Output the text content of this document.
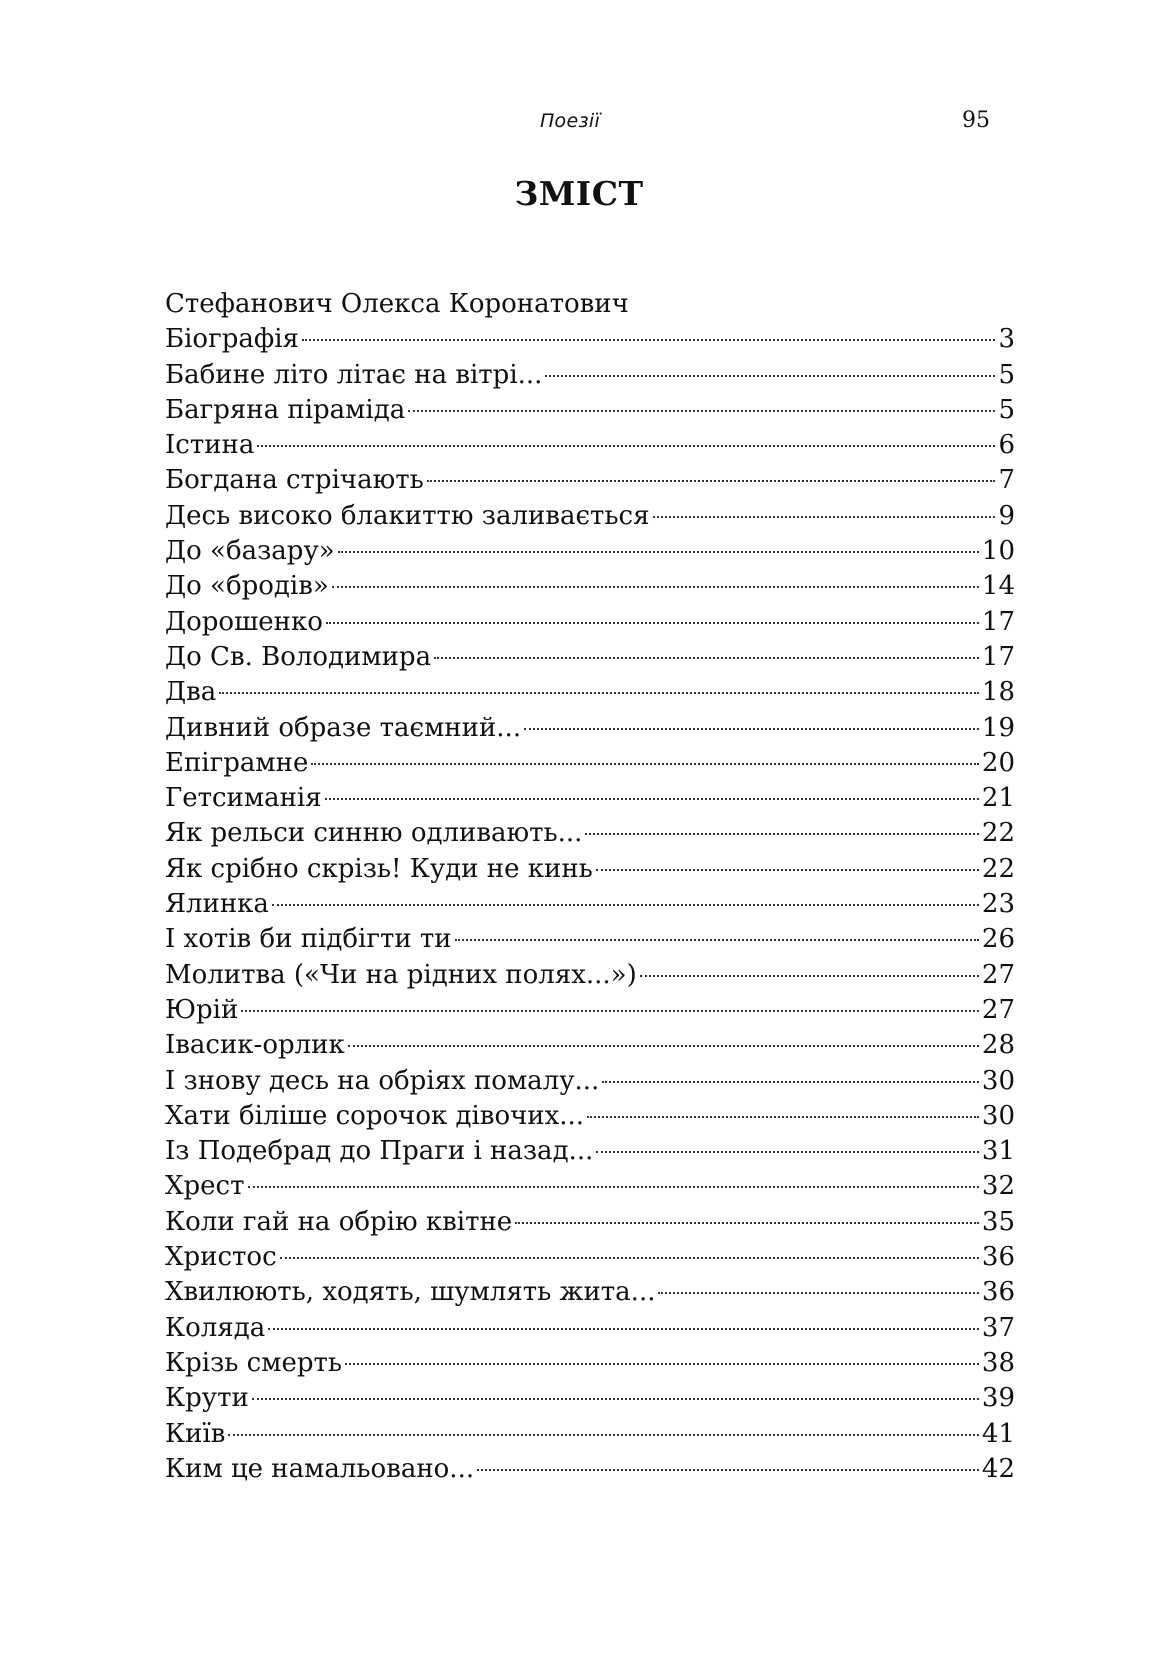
Поезії	95
ЗМІСТ
Стефанович Олекса Коронатович
Біографія	3
Бабине літо літає на вітрі...	5
Багряна піраміда	5
Істина	6
Богдана стрічають	7
Десь високо блакиттю заливається	9
До «базару»	10
До «бродів»	14
Дорошенко	17
До Св. Володимира	17
Два	18
Дивний образе таємний...	19
Епіграмне	20
Гетсиманія	21
Як рельси синню одливають...	22
Як срібно скрізь! Куди не кинь	22
Ялинка	23
І хотів би підбігти ти	26
Молитва («Чи на рідних полях...»)	27
Юрій	27
Івасик-орлик	28
І знову десь на обріях помалу...	30
Хати біліше сорочок дівочих...	30
Із Подебрад до Праги і назад...	31
Хрест	32
Коли гай на обрію квітне	35
Христос	36
Хвилюють, ходять, шумлять жита...	36
Коляда	37
Крізь смерть	38
Крути	39
Київ	41
Ким це намальовано...	42
